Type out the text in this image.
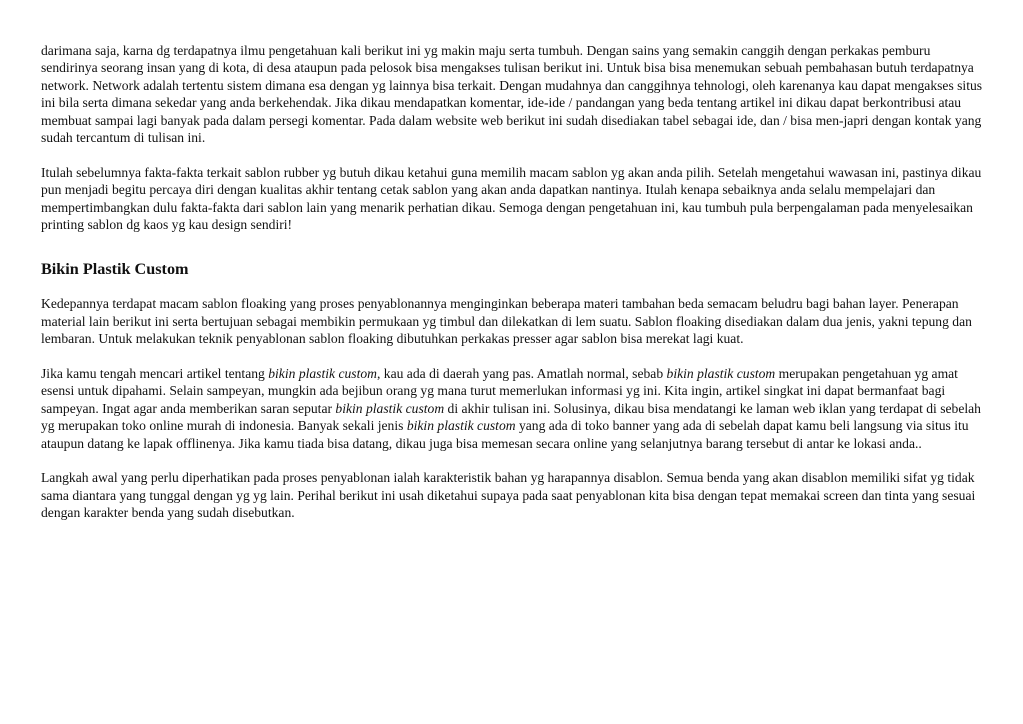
darimana saja, karna dg terdapatnya ilmu pengetahuan kali berikut ini yg makin maju serta tumbuh. Dengan sains yang semakin canggih dengan perkakas pemburu sendirinya seorang insan yang di kota, di desa ataupun pada pelosok bisa mengakses tulisan berikut ini. Untuk bisa bisa menemukan sebuah pembahasan butuh terdapatnya network. Network adalah tertentu sistem dimana esa dengan yg lainnya bisa terkait. Dengan mudahnya dan canggihnya tehnologi, oleh karenanya kau dapat mengakses situs ini bila serta dimana sekedar yang anda berkehendak. Jika dikau mendapatkan komentar, ide-ide / pandangan yang beda tentang artikel ini dikau dapat berkontribusi atau membuat sampai lagi banyak pada dalam persegi komentar. Pada dalam website web berikut ini sudah disediakan tabel sebagai ide, dan / bisa men-japri dengan kontak yang sudah tercantum di tulisan ini.

Itulah sebelumnya fakta-fakta terkait sablon rubber yg butuh dikau ketahui guna memilih macam sablon yg akan anda pilih. Setelah mengetahui wawasan ini, pastinya dikau pun menjadi begitu percaya diri dengan kualitas akhir tentang cetak sablon yang akan anda dapatkan nantinya. Itulah kenapa sebaiknya anda selalu mempelajari dan mempertimbangkan dulu fakta-fakta dari sablon lain yang menarik perhatian dikau. Semoga dengan pengetahuan ini, kau tumbuh pula berpengalaman pada menyelesaikan printing sablon dg kaos yg kau design sendiri!

Bikin Plastik Custom

Kedepannya terdapat macam sablon floaking yang proses penyablonannya menginginkan beberapa materi tambahan beda semacam beludru bagi bahan layer. Penerapan material lain berikut ini serta bertujuan sebagai membikin permukaan yg timbul dan dilekatkan di lem suatu. Sablon floaking disediakan dalam dua jenis, yakni tepung dan lembaran. Untuk melakukan teknik penyablonan sablon floaking dibutuhkan perkakas presser agar sablon bisa merekat lagi kuat.

Jika kamu tengah mencari artikel tentang bikin plastik custom, kau ada di daerah yang pas. Amatlah normal, sebab bikin plastik custom merupakan pengetahuan yg amat esensi untuk dipahami. Selain sampeyan, mungkin ada bejibun orang yg mana turut memerlukan informasi yg ini. Kita ingin, artikel singkat ini dapat bermanfaat bagi sampeyan. Ingat agar anda memberikan saran seputar bikin plastik custom di akhir tulisan ini. Solusinya, dikau bisa mendatangi ke laman web iklan yang terdapat di sebelah yg merupakan toko online murah di indonesia. Banyak sekali jenis bikin plastik custom yang ada di toko banner yang ada di sebelah dapat kamu beli langsung via situs itu ataupun datang ke lapak offlinenya. Jika kamu tiada bisa datang, dikau juga bisa memesan secara online yang selanjutnya barang tersebut di antar ke lokasi anda..

Langkah awal yang perlu diperhatikan pada proses penyablonan ialah karakteristik bahan yg harapannya disablon. Semua benda yang akan disablon memiliki sifat yg tidak sama diantara yang tunggal dengan yg yg lain. Perihal berikut ini usah diketahui supaya pada saat penyablonan kita bisa dengan tepat memakai screen dan tinta yang sesuai dengan karakter benda yang sudah disebutkan.
